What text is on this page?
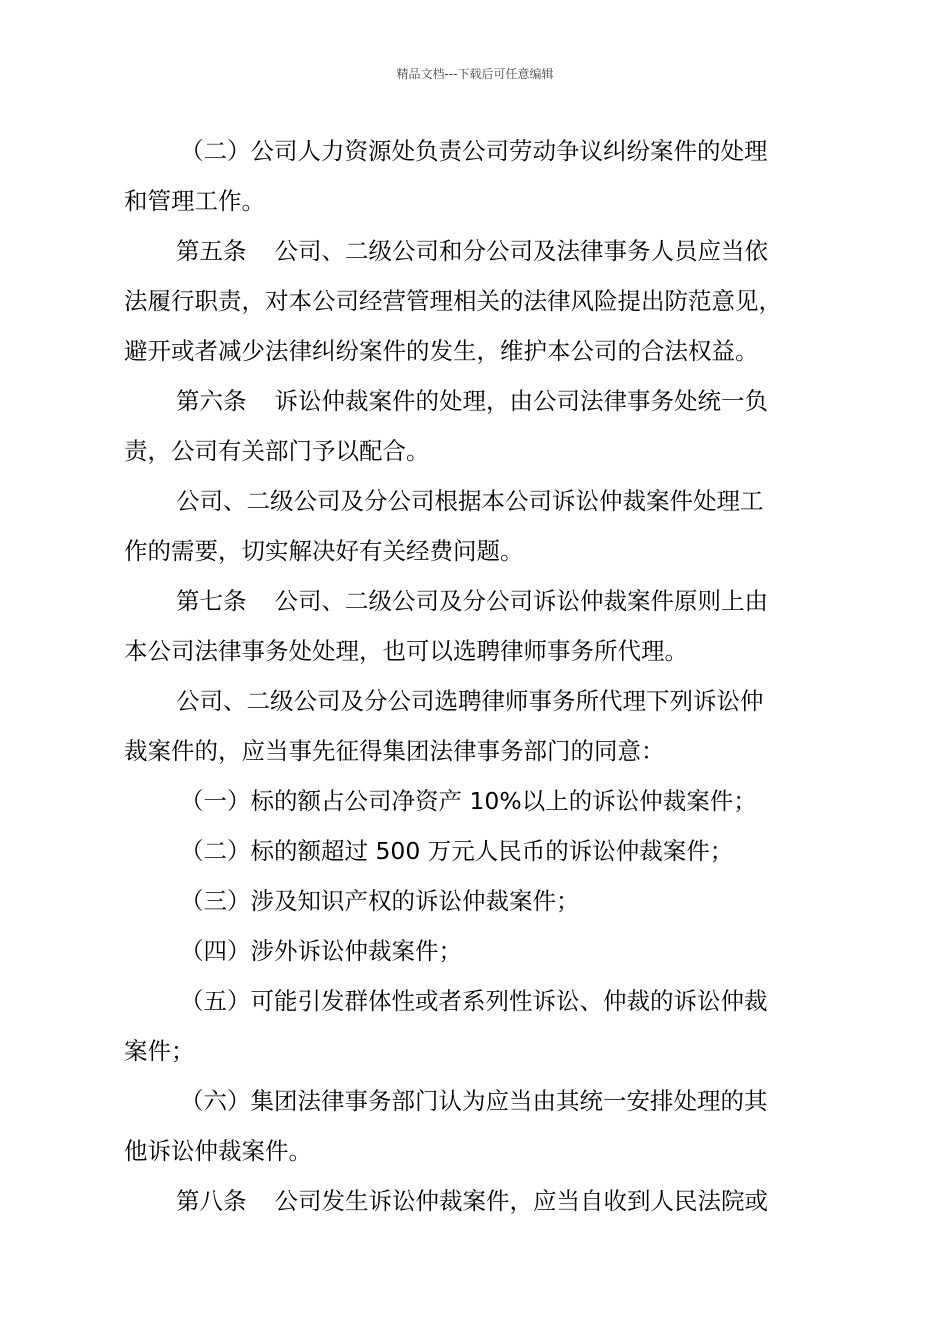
精品文档---下载后可任意编辑
（二）公司人力资源处负责公司劳动争议纠纷案件的处理
和管理工作。
第五条 公司、二级公司和分公司及法律事务人员应当依
法履行职责，对本公司经营管理相关的法律风险提出防范意见，
避开或者减少法律纠纷案件的发生，维护本公司的合法权益。
第六条 诉讼仲裁案件的处理，由公司法律事务处统一负
责，公司有关部门予以配合。
公司、二级公司及分公司根据本公司诉讼仲裁案件处理工
作的需要，切实解决好有关经费问题。
第七条 公司、二级公司及分公司诉讼仲裁案件原则上由
本公司法律事务处处理，也可以选聘律师事务所代理。
公司、二级公司及分公司选聘律师事务所代理下列诉讼仲
裁案件的，应当事先征得集团法律事务部门的同意：
（一）标的额占公司净资产 10%以上的诉讼仲裁案件；
（二）标的额超过 500 万元人民币的诉讼仲裁案件；
（三）涉及知识产权的诉讼仲裁案件；
（四）涉外诉讼仲裁案件；
（五）可能引发群体性或者系列性诉讼、仲裁的诉讼仲裁
案件；
（六）集团法律事务部门认为应当由其统一安排处理的其
他诉讼仲裁案件。
第八条 公司发生诉讼仲裁案件，应当自收到人民法院或
